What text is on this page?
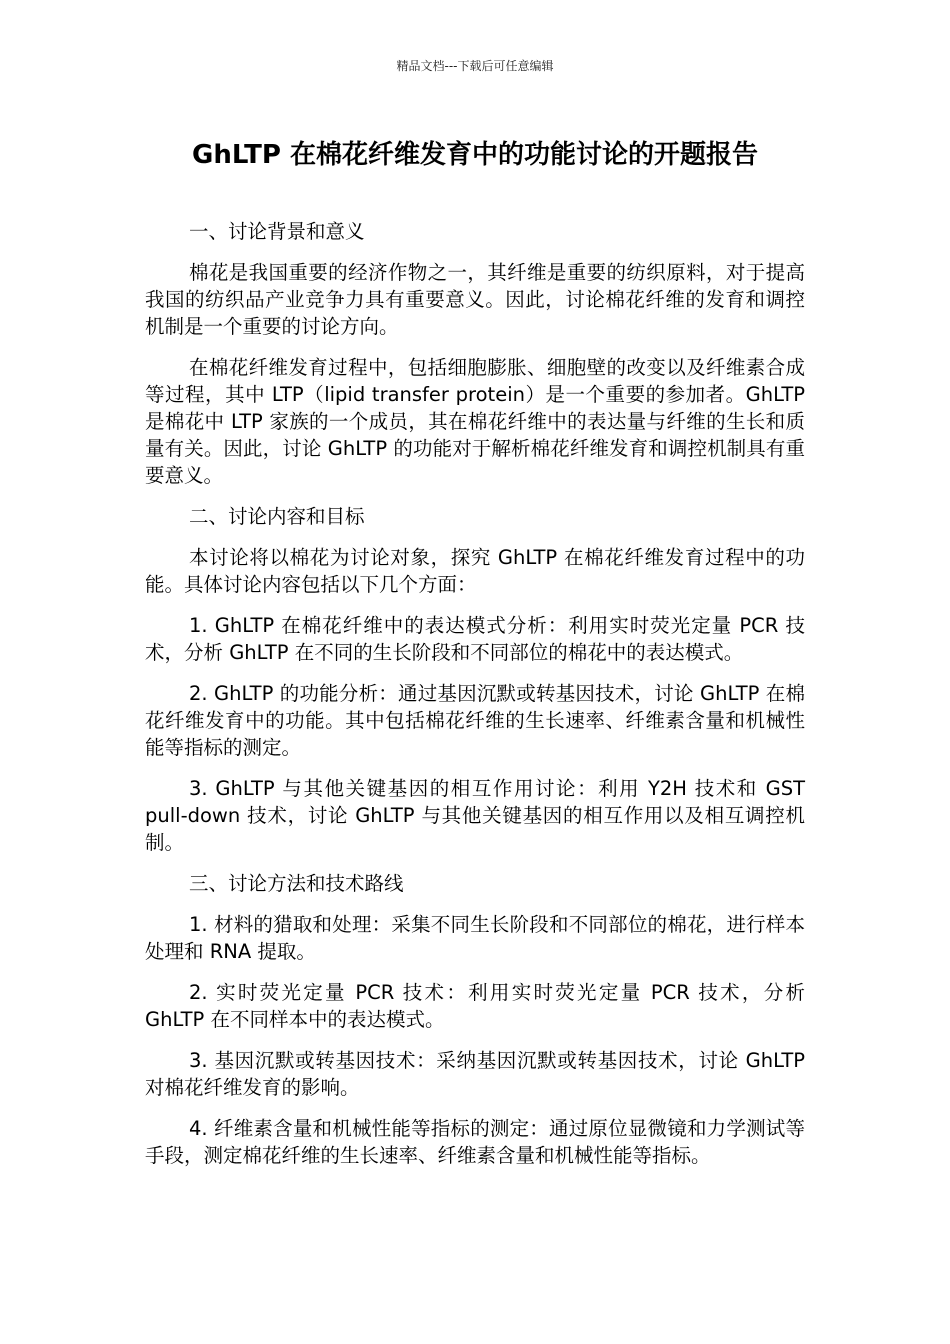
精品文档---下载后可任意编辑
GhLTP 在棉花纤维发育中的功能讨论的开题报告

一、讨论背景和意义

棉花是我国重要的经济作物之一，其纤维是重要的纺织原料，对于提高我国的纺织品产业竞争力具有重要意义。因此，讨论棉花纤维的发育和调控机制是一个重要的讨论方向。

在棉花纤维发育过程中，包括细胞膨胀、细胞壁的改变以及纤维素合成等过程，其中 LTP（lipid transfer protein）是一个重要的参加者。GhLTP 是棉花中 LTP 家族的一个成员，其在棉花纤维中的表达量与纤维的生长和质量有关。因此，讨论 GhLTP 的功能对于解析棉花纤维发育和调控机制具有重要意义。

二、讨论内容和目标

本讨论将以棉花为讨论对象，探究 GhLTP 在棉花纤维发育过程中的功能。具体讨论内容包括以下几个方面：

1. GhLTP 在棉花纤维中的表达模式分析：利用实时荧光定量 PCR 技术，分析 GhLTP 在不同的生长阶段和不同部位的棉花中的表达模式。

2. GhLTP 的功能分析：通过基因沉默或转基因技术，讨论 GhLTP 在棉花纤维发育中的功能。其中包括棉花纤维的生长速率、纤维素含量和机械性能等指标的测定。

3. GhLTP 与其他关键基因的相互作用讨论：利用 Y2H 技术和 GST pull-down 技术，讨论 GhLTP 与其他关键基因的相互作用以及相互调控机制。

三、讨论方法和技术路线

1. 材料的猎取和处理：采集不同生长阶段和不同部位的棉花，进行样本处理和 RNA 提取。

2. 实时荧光定量 PCR 技术：利用实时荧光定量 PCR 技术，分析 GhLTP 在不同样本中的表达模式。

3. 基因沉默或转基因技术：采纳基因沉默或转基因技术，讨论 GhLTP 对棉花纤维发育的影响。

4. 纤维素含量和机械性能等指标的测定：通过原位显微镜和力学测试等手段，测定棉花纤维的生长速率、纤维素含量和机械性能等指标。
